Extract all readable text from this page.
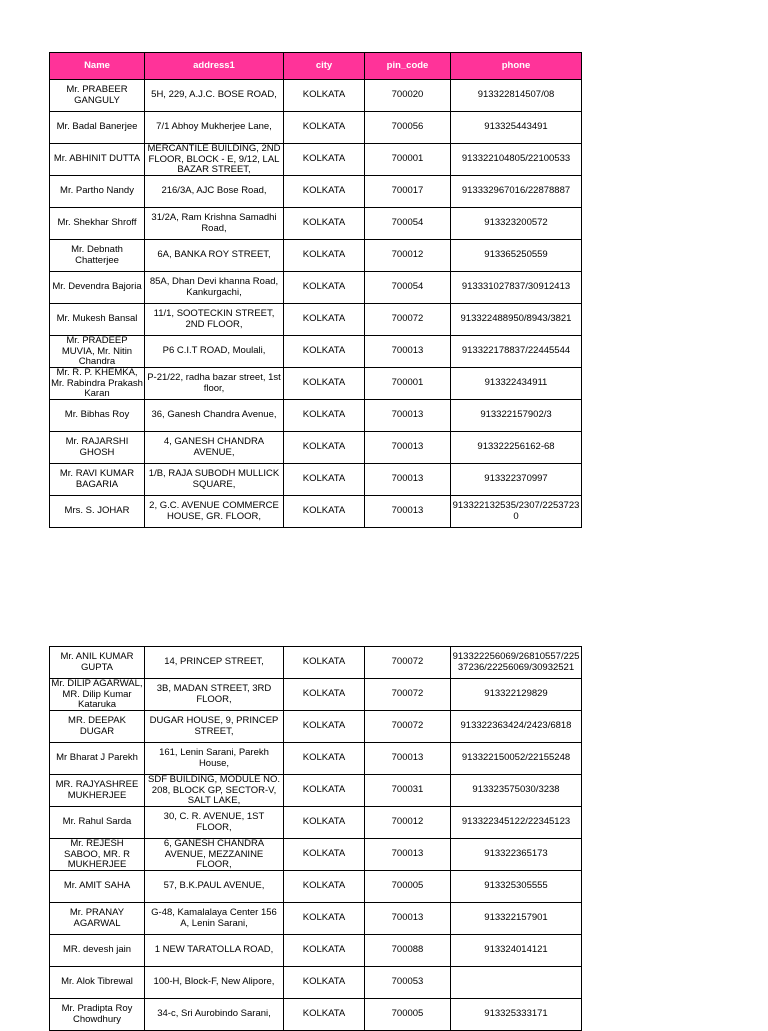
Name	address1	city	pin_code	phone

Mr. PRABEER GANGULY	5H, 229, A.J.C. BOSE ROAD,	KOLKATA	700020	913322814507/08

Mr. Badal Banerjee	7/1 Abhoy Mukherjee Lane,	KOLKATA	700056	913325443491

Mr. ABHINIT DUTTA	MERCANTILE BUILDING, 2ND FLOOR, BLOCK - E, 9/12, LAL BAZAR STREET,	KOLKATA	700001	913322104805/22100533

Mr. Partho Nandy	216/3A, AJC Bose Road,	KOLKATA	700017	913332967016/22878887

Mr. Shekhar Shroff	31/2A, Ram Krishna Samadhi Road,	KOLKATA	700054	913323200572

Mr. Debnath Chatterjee	6A, BANKA ROY STREET,	KOLKATA	700012	913365250559

Mr. Devendra Bajoria	85A, Dhan Devi khanna Road, Kankurgachi,	KOLKATA	700054	913331027837/30912413

Mr. Mukesh Bansal	11/1, SOOTECKIN STREET, 2ND FLOOR,	KOLKATA	700072	913322488950/8943/3821

Mr. PRADEEP MUVIA, Mr. Nitin Chandra	P6 C.I.T ROAD, Moulali,	KOLKATA	700013	913322178837/22445544

Mr. R. P. KHEMKA, Mr. Rabindra Prakash Karan	P-21/22, radha bazar street, 1st floor,	KOLKATA	700001	913322434911

Mr. Bibhas Roy	36, Ganesh Chandra Avenue,	KOLKATA	700013	913322157902/3

Mr. RAJARSHI GHOSH	4, GANESH CHANDRA AVENUE,	KOLKATA	700013	913322256162-68

Mr. RAVI KUMAR BAGARIA	1/B, RAJA SUBODH MULLICK SQUARE,	KOLKATA	700013	913322370997

Mrs. S. JOHAR	2, G.C. AVENUE COMMERCE HOUSE, GR. FLOOR,	KOLKATA	700013	913322132535/2307/22537230
Mr. ANIL KUMAR GUPTA	14, PRINCEP STREET,	KOLKATA	700072	913322256069/26810557/22537236/22256069/30932521

Mr. DILIP AGARWAL, MR. Dilip Kumar Kataruka	3B, MADAN STREET, 3RD FLOOR,	KOLKATA	700072	913322129829

MR. DEEPAK DUGAR	DUGAR HOUSE, 9, PRINCEP STREET,	KOLKATA	700072	913322363424/2423/6818

Mr Bharat J Parekh	161, Lenin Sarani, Parekh House,	KOLKATA	700013	913322150052/22155248

MR. RAJYASHREE MUKHERJEE	SDF BUILDING, MODULE NO. 208, BLOCK GP, SECTOR-V, SALT LAKE,	KOLKATA	700031	913323575030/3238

Mr. Rahul Sarda	30, C. R. AVENUE, 1ST FLOOR,	KOLKATA	700012	913322345122/22345123

Mr. REJESH SABOO, MR. R MUKHERJEE	6, GANESH CHANDRA AVENUE, MEZZANINE FLOOR,	KOLKATA	700013	913322365173

Mr. AMIT SAHA	57, B.K.PAUL AVENUE,	KOLKATA	700005	913325305555

Mr. PRANAY AGARWAL	G-48, Kamalalaya Center 156 A, Lenin Sarani,	KOLKATA	700013	913322157901

MR. devesh jain	1 NEW TARATOLLA ROAD,	KOLKATA	700088	913324014121

Mr. Alok Tibrewal	100-H, Block-F, New Alipore,	KOLKATA	700053	

Mr. Pradipta Roy Chowdhury	34-c, Sri Aurobindo Sarani,	KOLKATA	700005	913325333171
